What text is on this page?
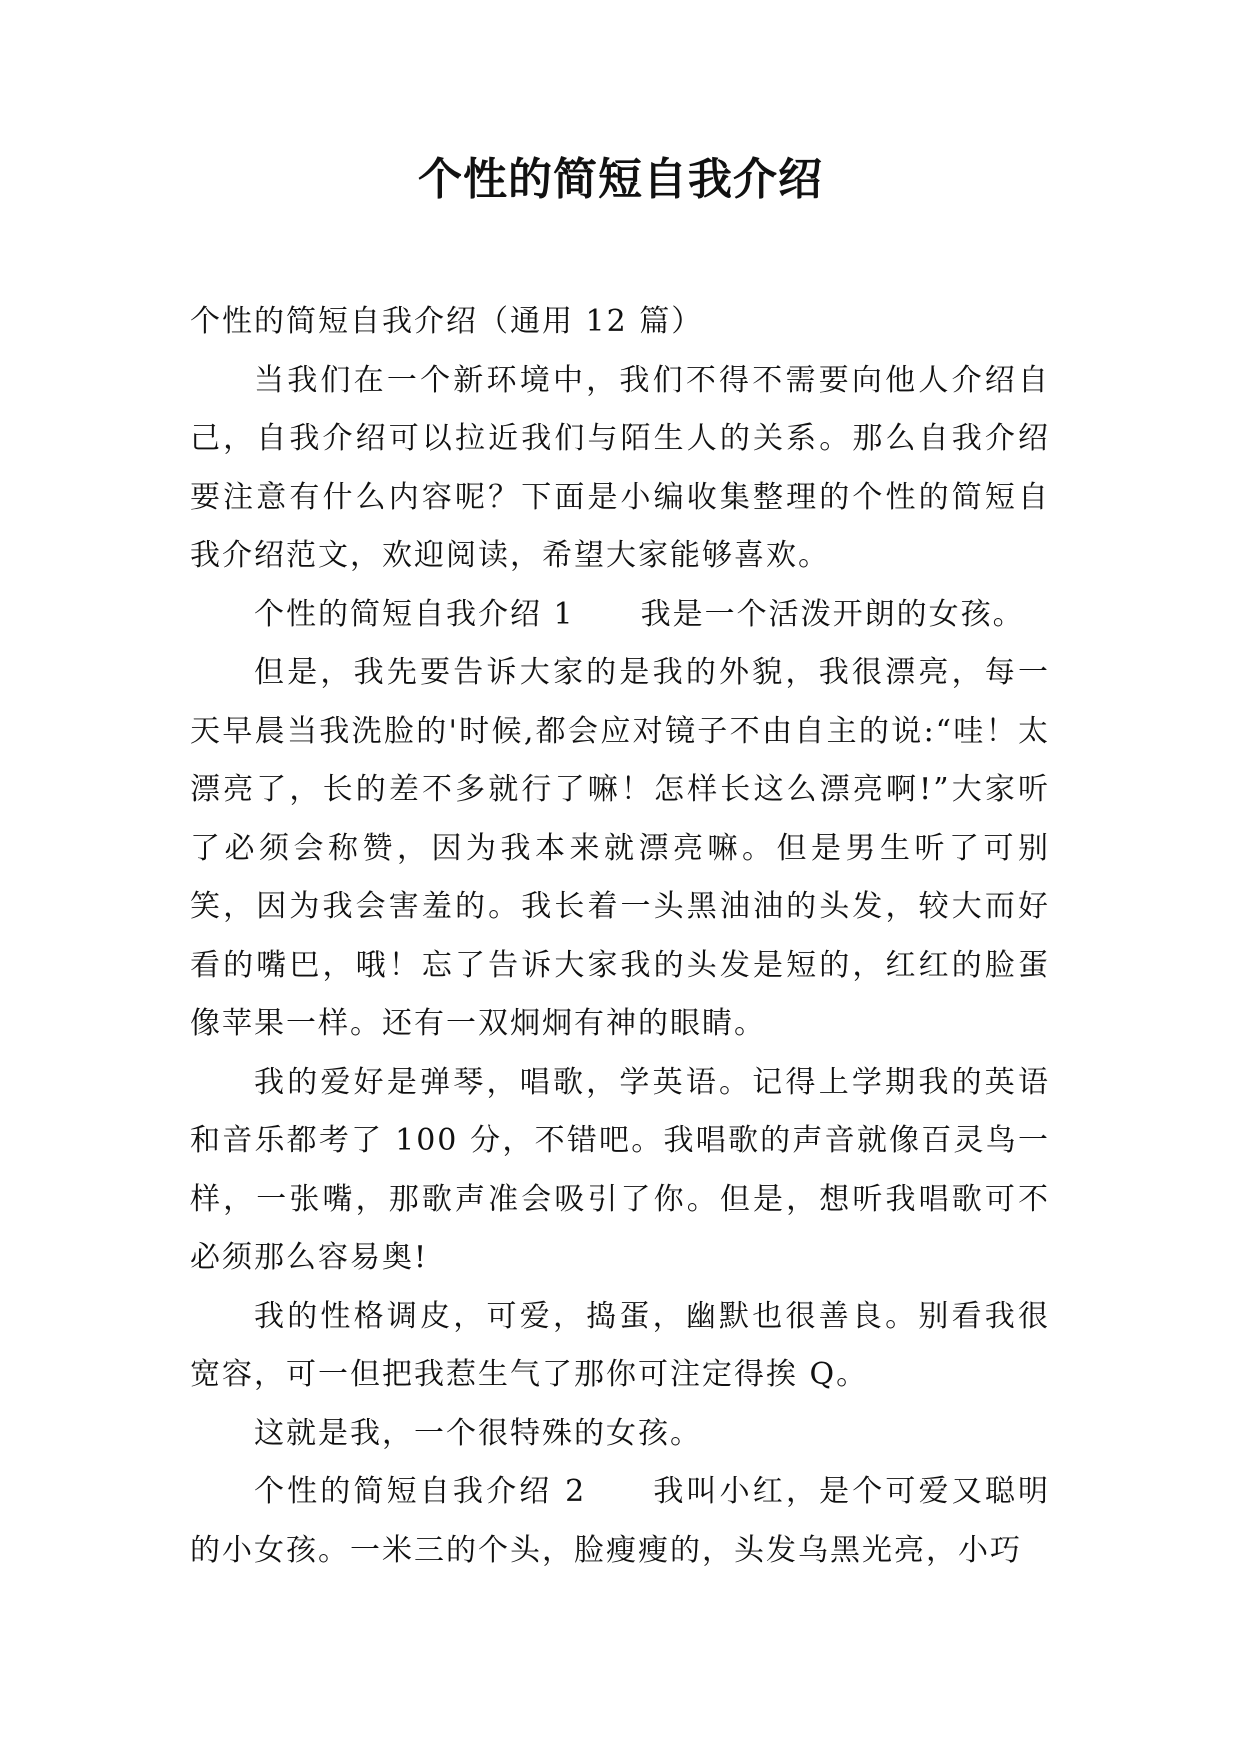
个性的简短自我介绍

个性的简短自我介绍（通用 12 篇）

当我们在一个新环境中，我们不得不需要向他人介绍自己，自我介绍可以拉近我们与陌生人的关系。那么自我介绍要注意有什么内容呢？下面是小编收集整理的个性的简短自我介绍范文，欢迎阅读，希望大家能够喜欢。

个性的简短自我介绍 1 我是一个活泼开朗的女孩。

但是，我先要告诉大家的是我的外貌，我很漂亮，每一天早晨当我洗脸的'时候,都会应对镜子不由自主的说:“哇！太漂亮了，长的差不多就行了嘛！怎样长这么漂亮啊!”大家听了必须会称赞，因为我本来就漂亮嘛。但是男生听了可别笑，因为我会害羞的。我长着一头黑油油的头发，较大而好看的嘴巴，哦！忘了告诉大家我的头发是短的，红红的脸蛋像苹果一样。还有一双炯炯有神的眼睛。

我的爱好是弹琴，唱歌，学英语。记得上学期我的英语和音乐都考了 100 分，不错吧。我唱歌的声音就像百灵鸟一样，一张嘴，那歌声准会吸引了你。但是，想听我唱歌可不必须那么容易奥!

我的性格调皮，可爱，捣蛋，幽默也很善良。别看我很宽容，可一但把我惹生气了那你可注定得挨 Q。

这就是我，一个很特殊的女孩。

个性的简短自我介绍 2 我叫小红，是个可爱又聪明的小女孩。一米三的个头，脸瘦瘦的，头发乌黑光亮，小巧
